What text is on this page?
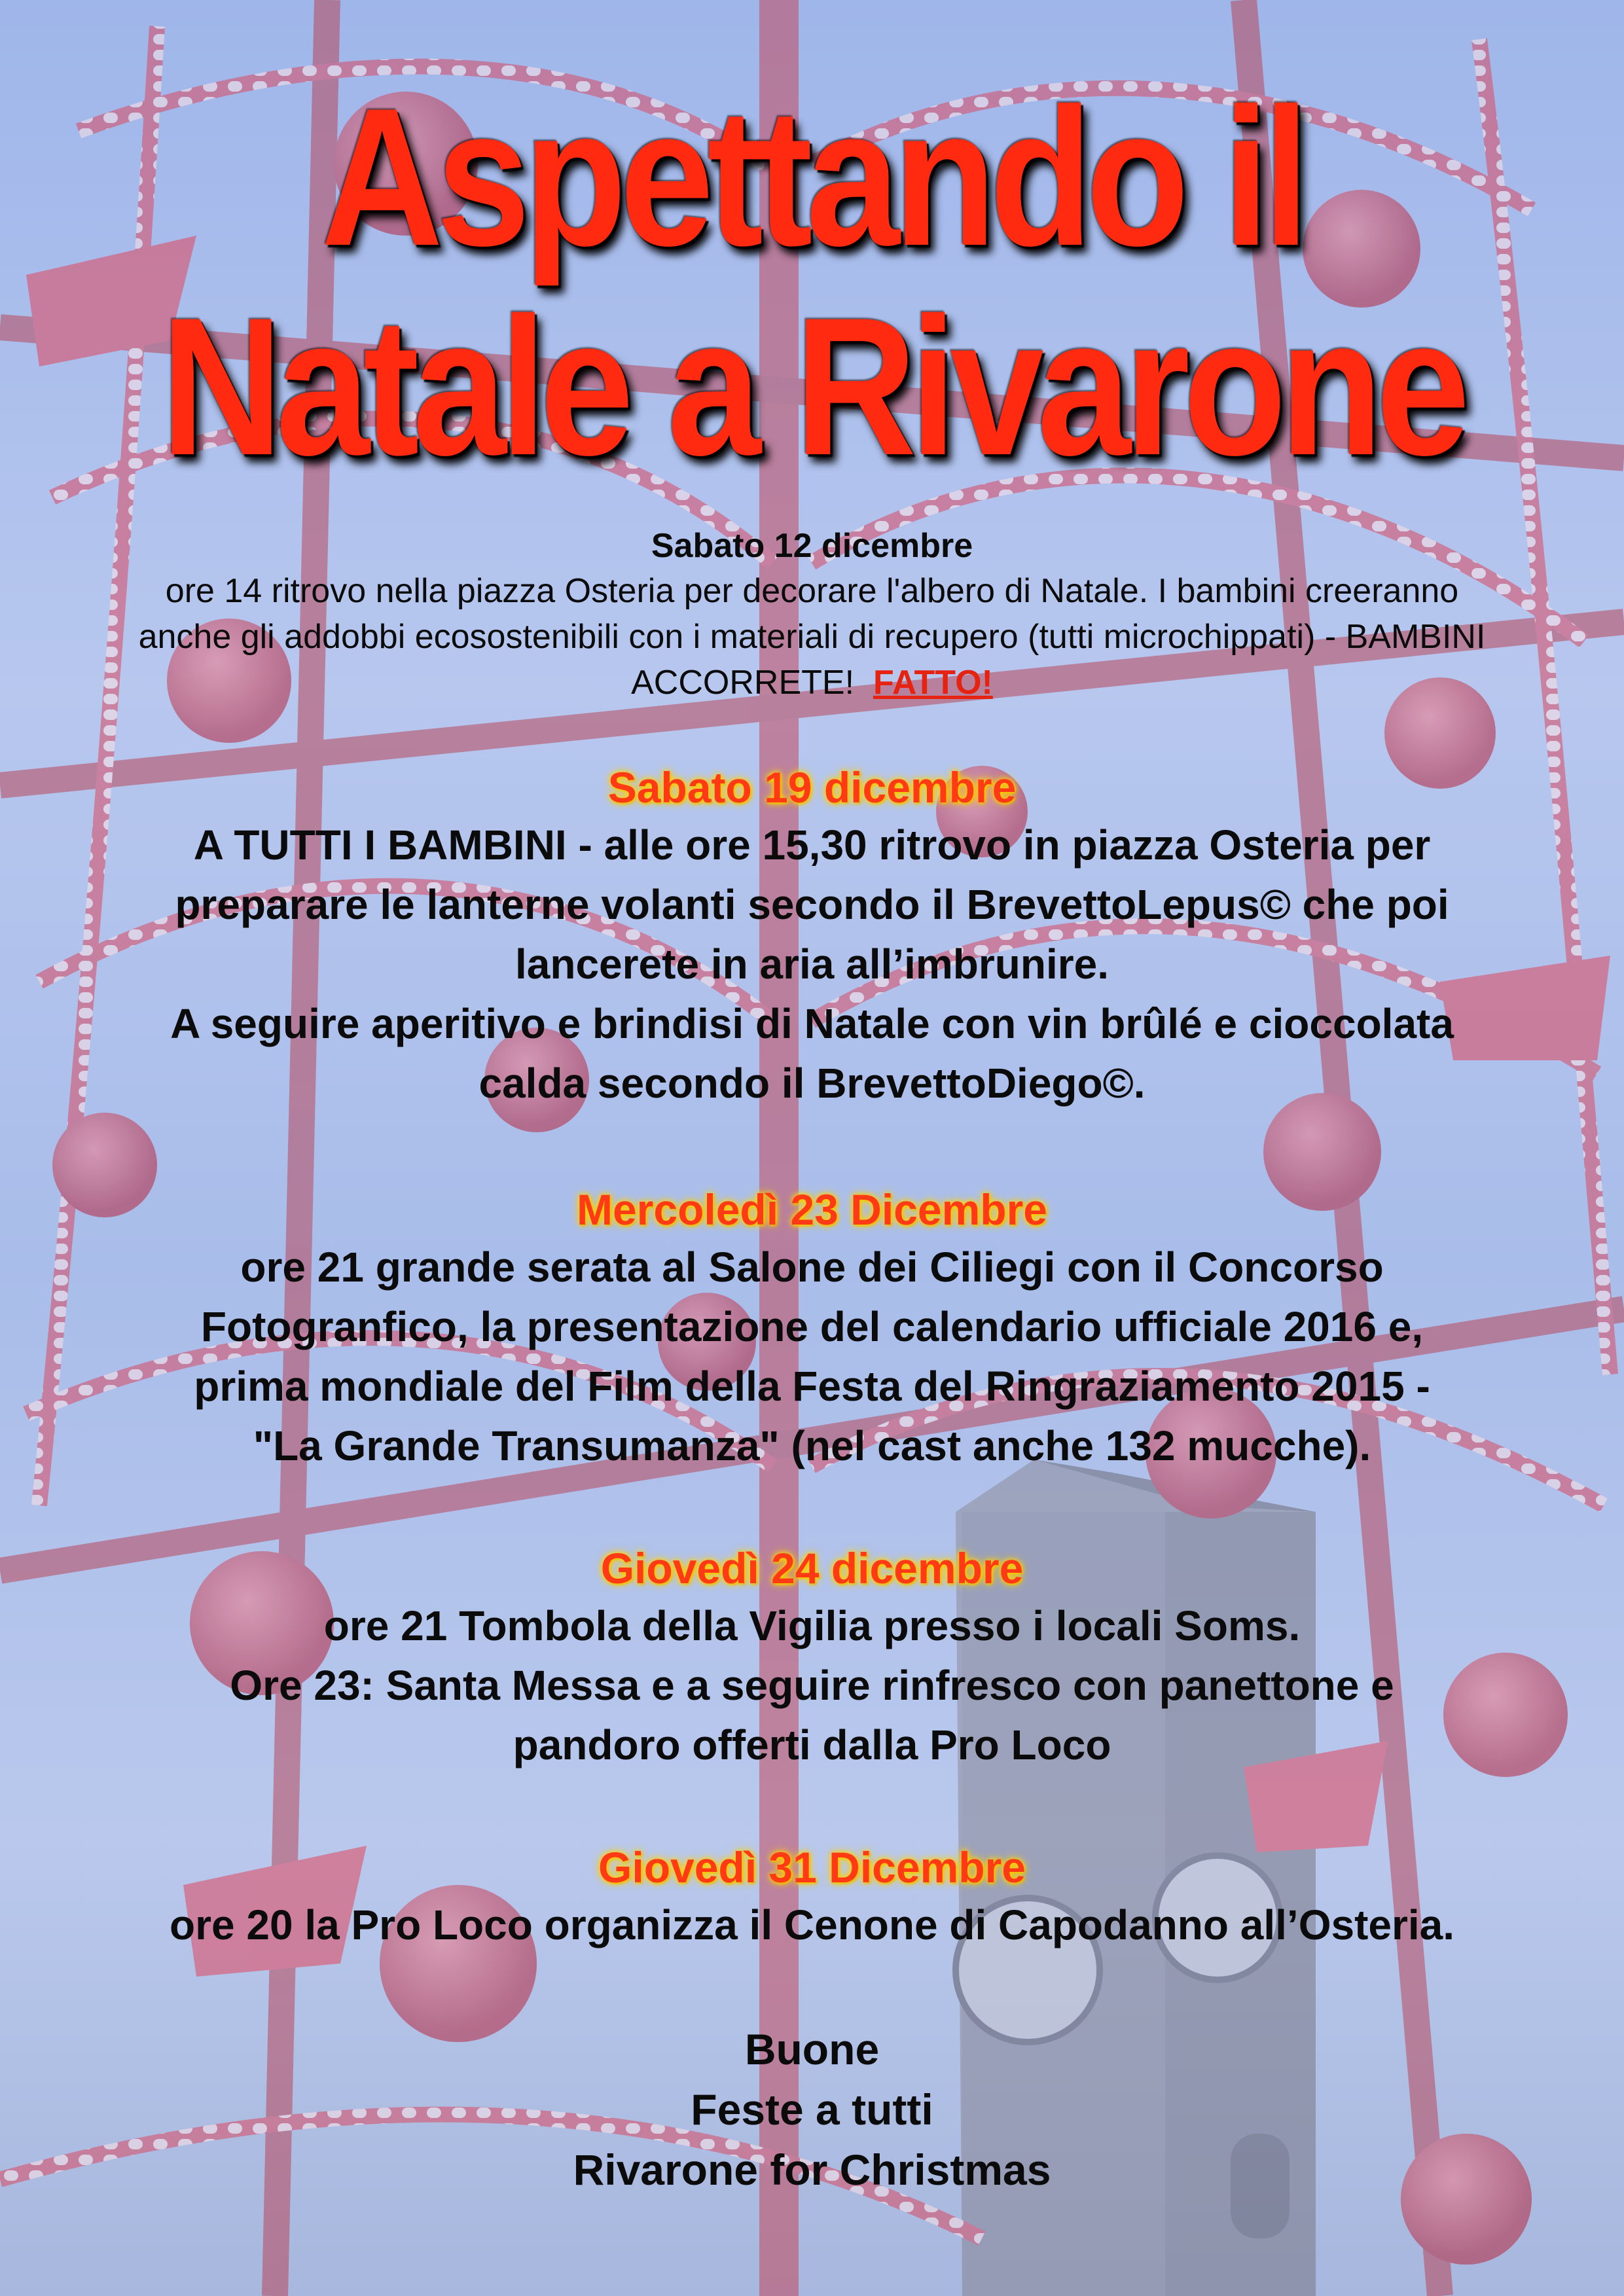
Aspettando il
Natale a Rivarone

Sabato 12 dicembre

ore 14 ritrovo nella piazza Osteria per decorare l'albero di Natale. I bambini creeranno

anche gli addobbi ecosostenibili con i materiali di recupero (tutti microchippati) - BAMBINI

ACCORRETE! FATTO!

Sabato 19 dicembre

A TUTTI I BAMBINI - alle ore 15,30 ritrovo in piazza Osteria per

preparare le lanterne volanti secondo il BrevettoLepus© che poi

lancerete in aria all’imbrunire.

A seguire aperitivo e brindisi di Natale con vin brûlé e cioccolata

calda secondo il BrevettoDiego©.

Mercoledì 23 Dicembre

ore 21 grande serata al Salone dei Ciliegi con il Concorso

Fotogranfico, la presentazione del calendario ufficiale 2016 e,

prima mondiale del Film della Festa del Ringraziamento 2015 -

"La Grande Transumanza" (nel cast anche 132 mucche).

Giovedì 24 dicembre

ore 21 Tombola della Vigilia presso i locali Soms.

Ore 23: Santa Messa e a seguire rinfresco con panettone e

pandoro offerti dalla Pro Loco

Giovedì 31 Dicembre

ore 20 la Pro Loco organizza il Cenone di Capodanno all’Osteria.

Buone

Feste a tutti

Rivarone for Christmas
